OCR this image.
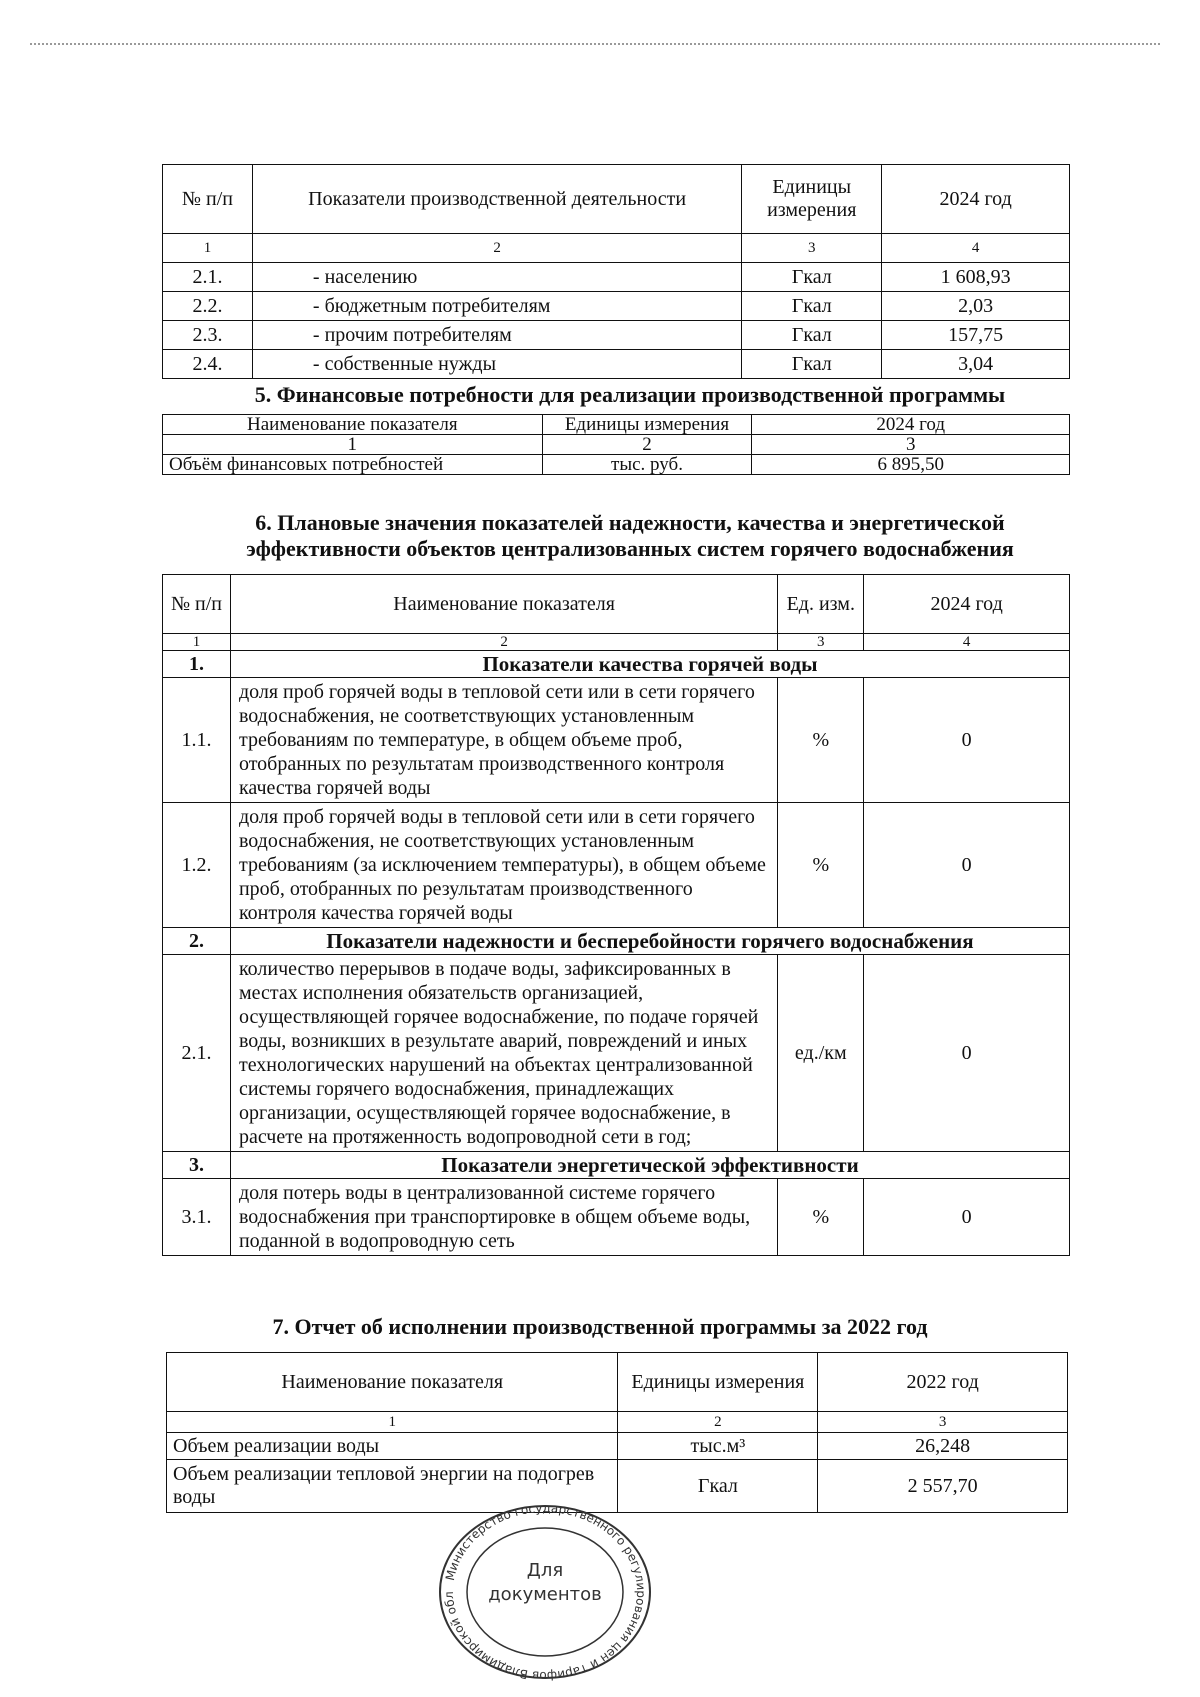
№ п/п	Показатели производственной деятельности	Единицы измерения	2024 год
1	2	3	4
2.1.	- населению	Гкал	1 608,93
2.2.	- бюджетным потребителям	Гкал	2,03
2.3.	- прочим потребителям	Гкал	157,75
2.4.	- собственные нужды	Гкал	3,04
5. Финансовые потребности для реализации производственной программы
Наименование показателя	Единицы измерения	2024 год
1	2	3
Объём финансовых потребностей	тыс. руб.	6 895,50
6. Плановые значения показателей надежности, качества и энергетической
эффективности объектов централизованных систем горячего водоснабжения
№ п/п	Наименование показателя	Ед. изм.	2024 год
1	2	3	4
1.	Показатели качества горячей воды		
1.1.	доля проб горячей воды в тепловой сети или в сети горячего водоснабжения, не соответствующих установленным требованиям по температуре, в общем объеме проб, отобранных по результатам производственного контроля качества горячей воды	%	0
1.2.	доля проб горячей воды в тепловой сети или в сети горячего водоснабжения, не соответствующих установленным требованиям (за исключением температуры), в общем объеме проб, отобранных по результатам производственного контроля качества горячей воды	%	0
2.	Показатели надежности и бесперебойности горячего водоснабжения		
2.1.	количество перерывов в подаче воды, зафиксированных в местах исполнения обязательств организацией, осуществляющей горячее водоснабжение, по подаче горячей воды, возникших в результате аварий, повреждений и иных технологических нарушений на объектах централизованной системы горячего водоснабжения, принадлежащих организации, осуществляющей горячее водоснабжение, в расчете на протяженность водопроводной сети в год;	ед./км	0
3.	Показатели энергетической эффективности		
3.1.	доля потерь воды в централизованной системе горячего водоснабжения при транспортировке в общем объеме воды, поданной в водопроводную сеть	%	0
7. Отчет об исполнении производственной программы за 2022 год
Наименование показателя	Единицы измерения	2022 год
1	2	3
Объем реализации воды	тыс.м³	26,248
Объем реализации тепловой энергии на подогрев воды	Гкал	2 557,70
Министерство государственного регулирования цен и тарифов Владимирской обл
Для
документов
